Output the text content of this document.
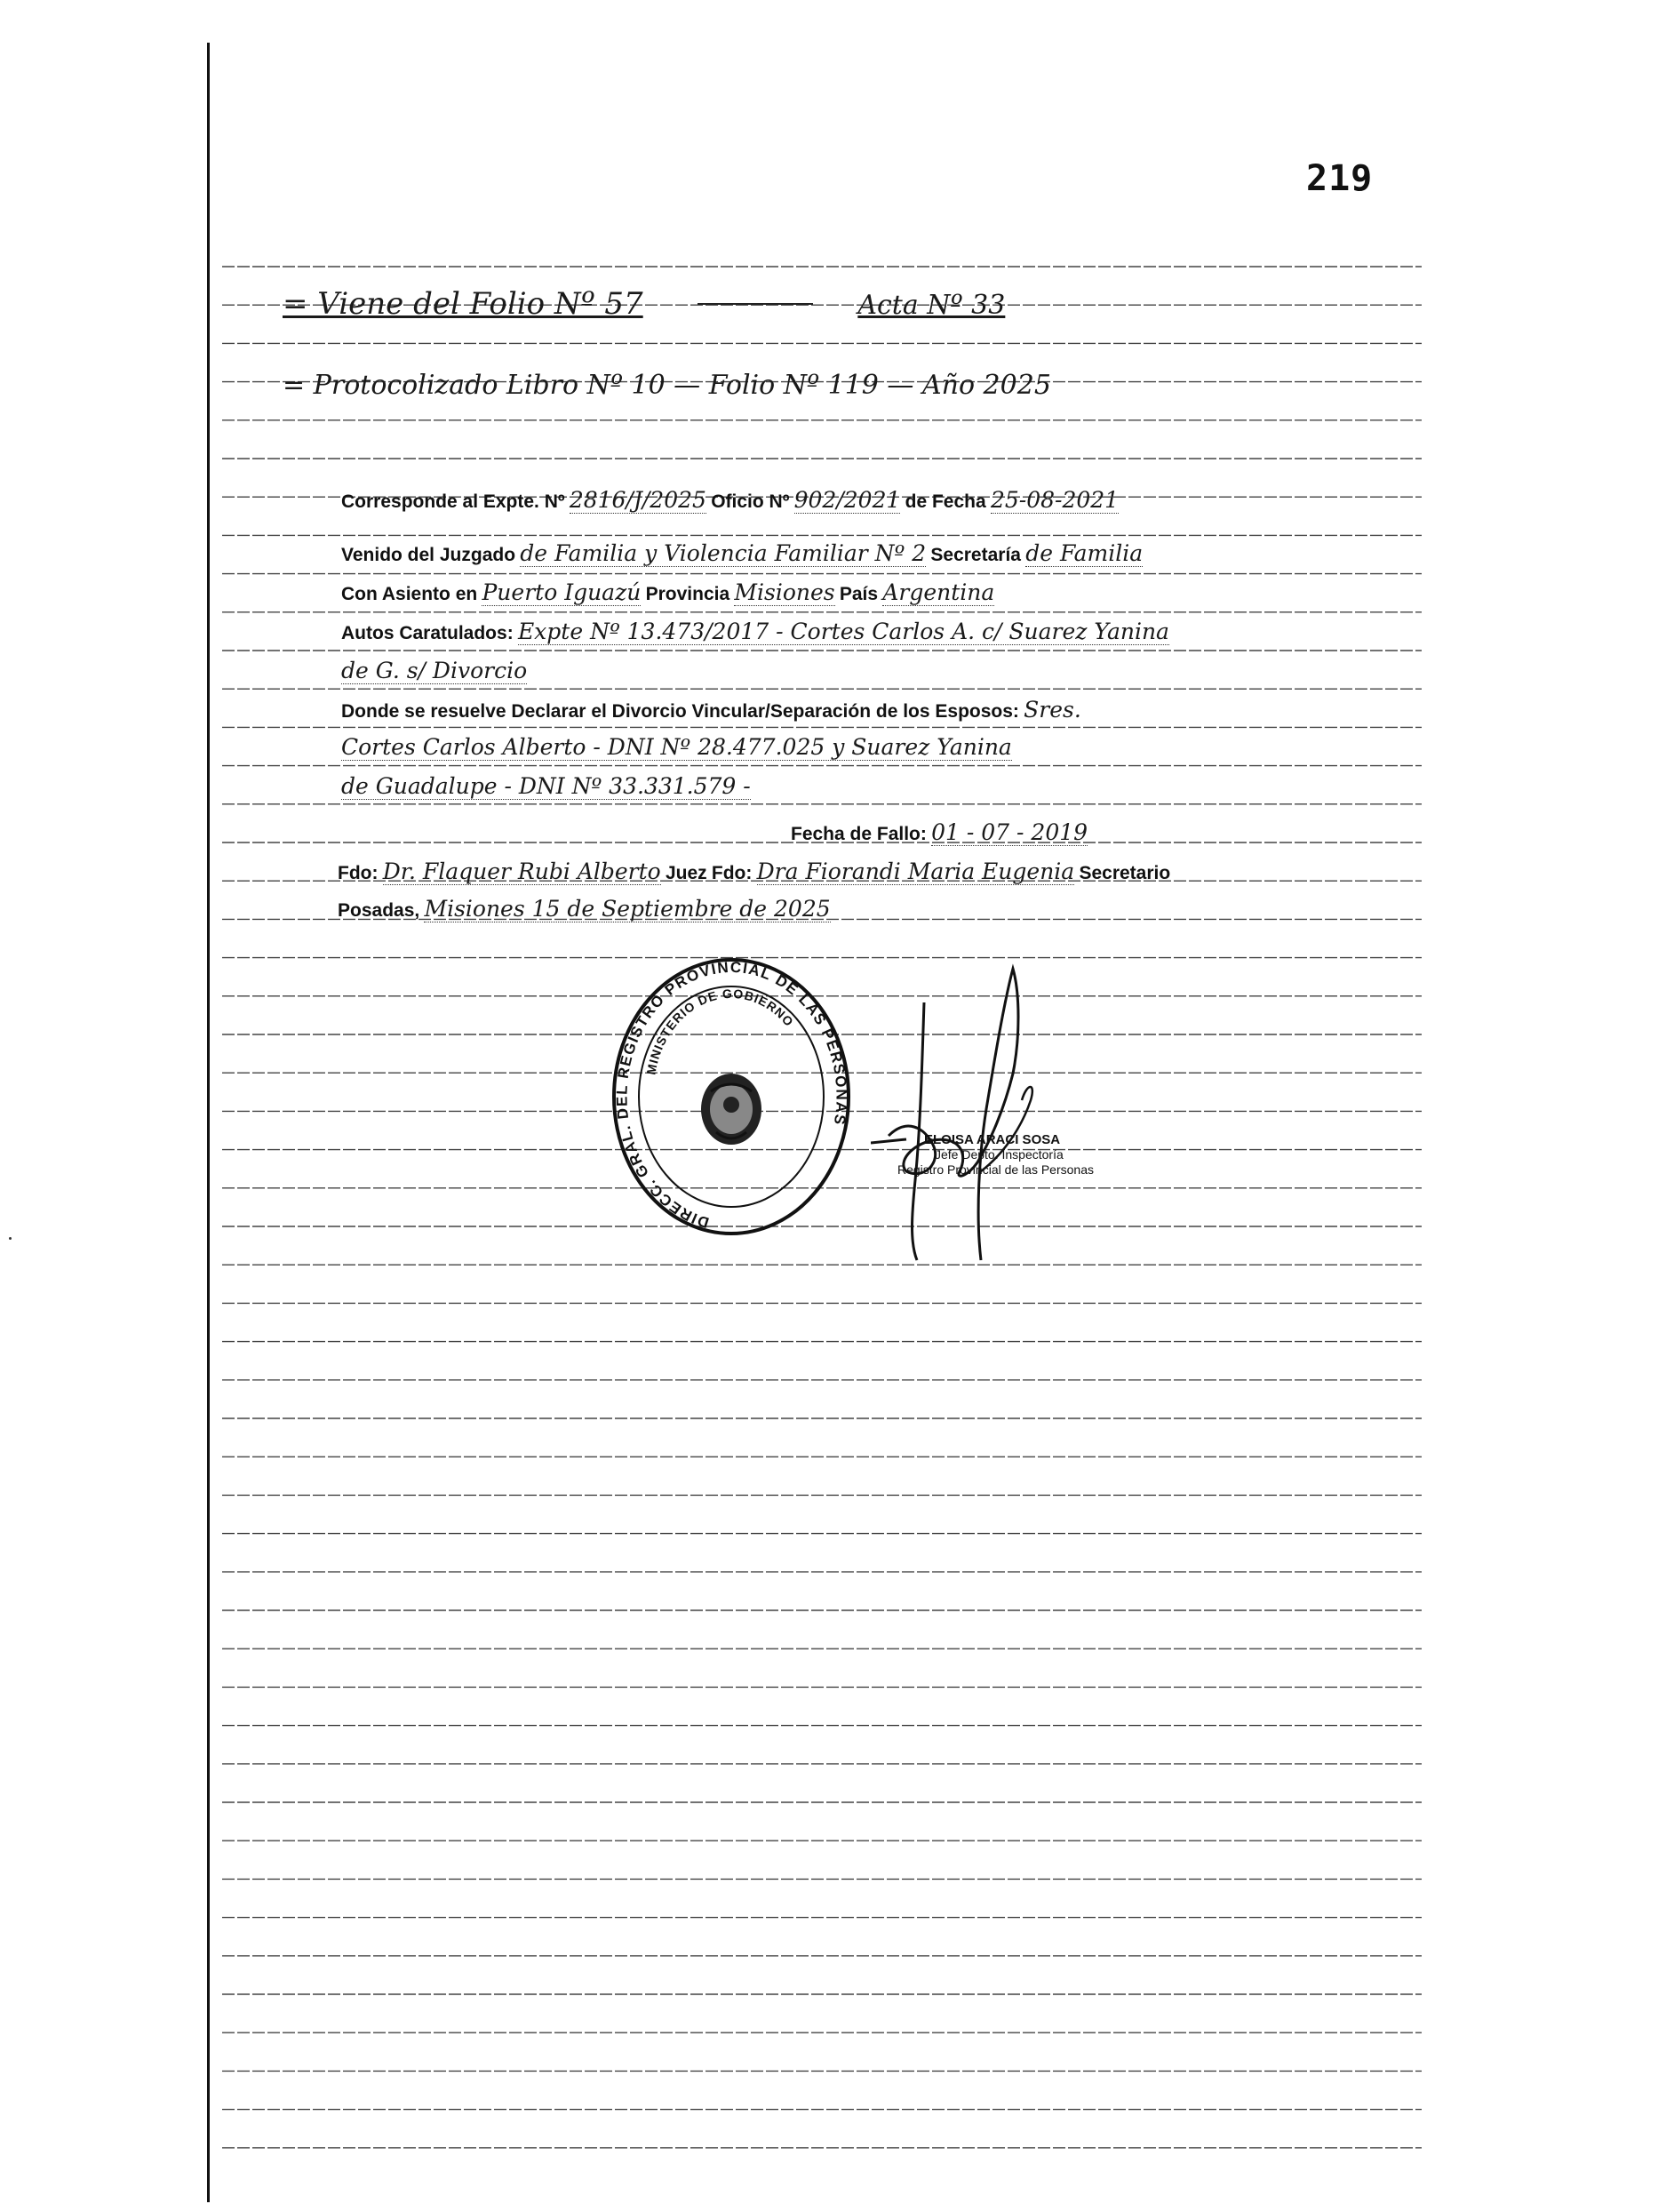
219
= Viene del Folio Nº 57	Acta Nº 33
= Protocolizado Libro Nº 10 — Folio Nº 119 — Año 2025
Corresponde al Expte. Nº 2816/J/2025 Oficio Nº 902/2021 de Fecha 25-08-2021
Venido del Juzgado de Familia y Violencia Familiar Nº 2 Secretaría de Familia
Con Asiento en Puerto Iguazú Provincia Misiones País Argentina
Autos Caratulados: Expte Nº 13.473/2017 - Cortes Carlos A. c/ Suarez Yanina
de G. s/ Divorcio
Donde se resuelve Declarar el Divorcio Vincular/Separación de los Esposos: Sres.
Cortes Carlos Alberto - DNI Nº 28.477.025 y Suarez Yanina
de Guadalupe - DNI Nº 33.331.579 -
Fecha de Fallo: 01 - 07 - 2019
Fdo: Dr. Flaquer Rubi Alberto Juez Fdo: Dra Fiorandi Maria Eugenia Secretario
Posadas, Misiones 15 de Septiembre de 2025
DIRECC. GRAL. DEL REGISTRO PROVINCIAL DE LAS PERSONAS
MINISTERIO DE GOBIERNO
ELOISA ARACI SOSA
Jefe Depto. Inspectoría
Registro Provincial de las Personas
